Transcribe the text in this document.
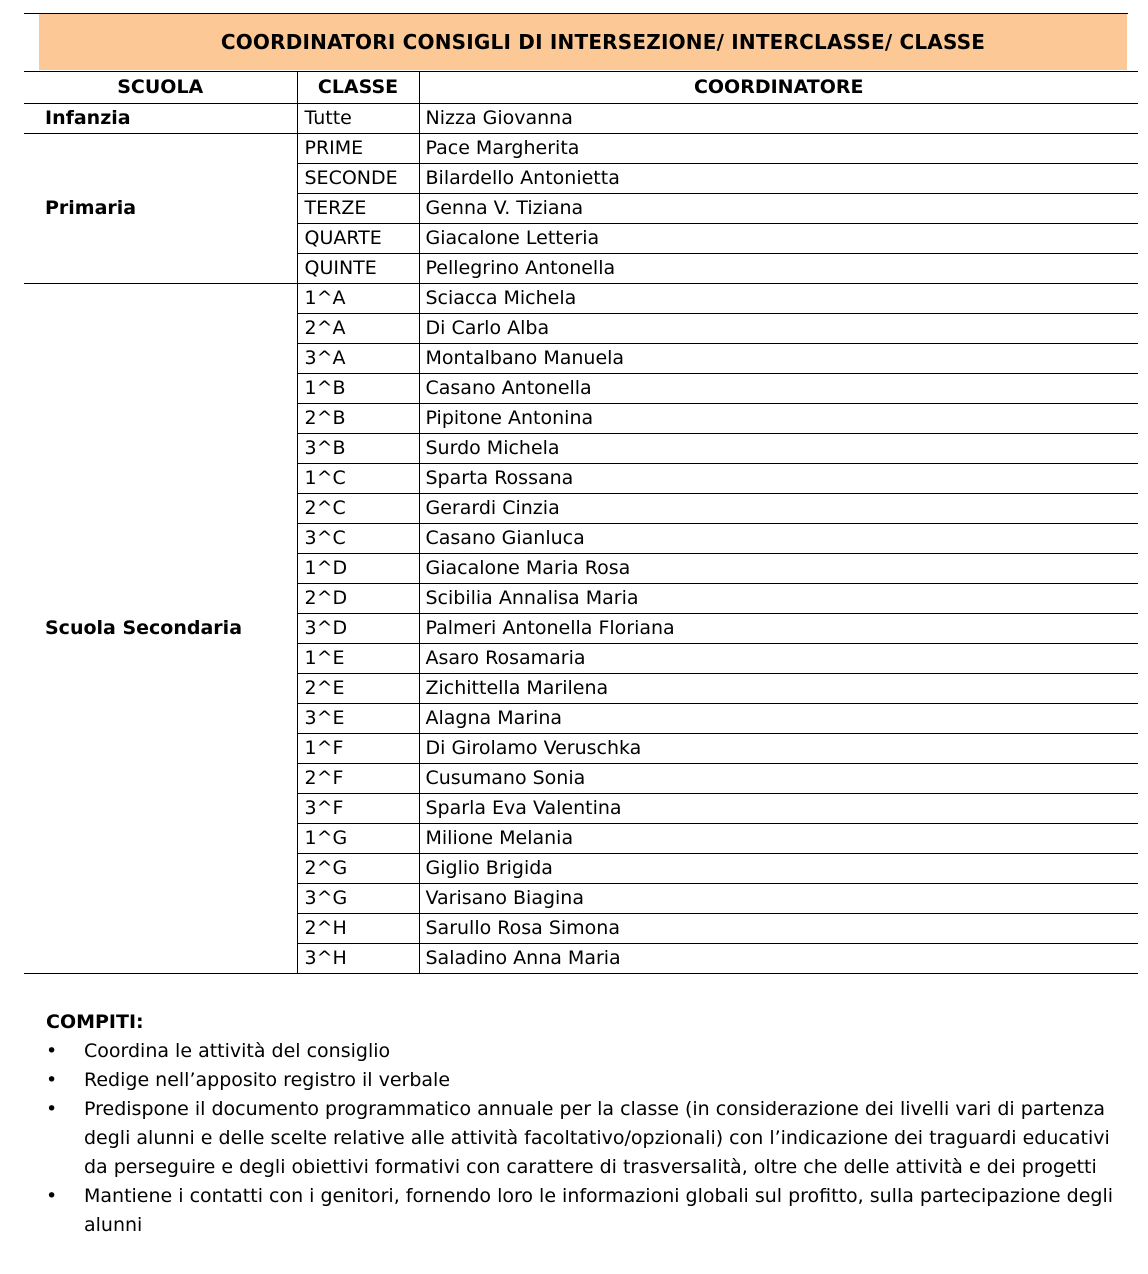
COORDINATORI CONSIGLI DI INTERSEZIONE/ INTERCLASSE/ CLASSE
SCUOLA	CLASSE	COORDINATORE
Infanzia	Tutte	Nizza Giovanna
Primaria	PRIME	Pace Margherita
	SECONDE	Bilardello Antonietta
	TERZE	Genna V. Tiziana
	QUARTE	Giacalone Letteria
	QUINTE	Pellegrino Antonella
Scuola Secondaria	1^A	Sciacca Michela
	2^A	Di Carlo Alba
	3^A	Montalbano Manuela
	1^B	Casano Antonella
	2^B	Pipitone Antonina
	3^B	Surdo Michela
	1^C	Sparta Rossana
	2^C	Gerardi Cinzia
	3^C	Casano Gianluca
	1^D	Giacalone Maria Rosa
	2^D	Scibilia Annalisa Maria
	3^D	Palmeri Antonella Floriana
	1^E	Asaro Rosamaria
	2^E	Zichittella Marilena
	3^E	Alagna Marina
	1^F	Di Girolamo Veruschka
	2^F	Cusumano Sonia
	3^F	Sparla Eva Valentina
	1^G	Milione Melania
	2^G	Giglio Brigida
	3^G	Varisano Biagina
	2^H	Sarullo Rosa Simona
	3^H	Saladino Anna Maria
COMPITI:
• Coordina le attività del consiglio
• Redige nell’apposito registro il verbale
• Predispone il documento programmatico annuale per la classe (in considerazione dei livelli vari di partenza degli alunni e delle scelte relative alle attività facoltativo/opzionali) con l’indicazione dei traguardi educativi da perseguire e degli obiettivi formativi con carattere di trasversalità, oltre che delle attività e dei progetti
• Mantiene i contatti con i genitori, fornendo loro le informazioni globali sul profitto, sulla partecipazione degli alunni
